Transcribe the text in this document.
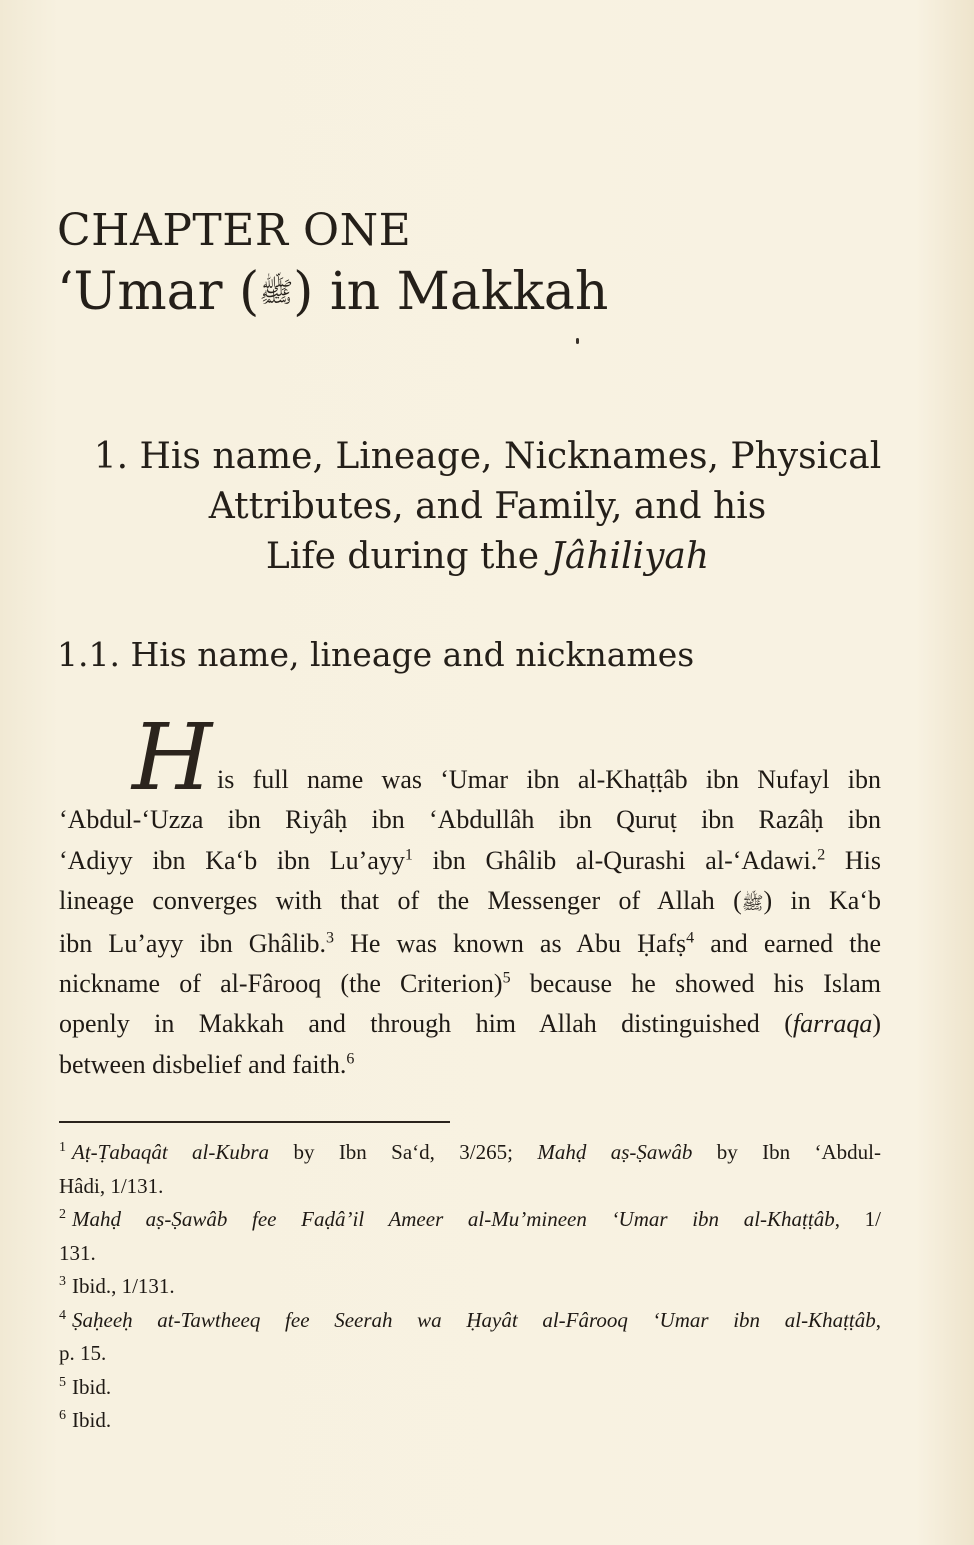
CHAPTER ONE
‘Umar (ﷺ) in Makkah
1. His name, Lineage, Nicknames, Physical
Attributes, and Family, and his
Life during the Jâhiliyah
1.1. His name, lineage and nicknames
H is full name was ‘Umar ibn al-Khaṭṭâb ibn Nufayl ibn
‘Abdul-‘Uzza ibn Riyâḥ ibn ‘Abdullâh ibn Quruṭ ibn Razâḥ ibn
‘Adiyy ibn Ka‘b ibn Lu’ayy$^1$ ibn Ghâlib al-Qurashi al-‘Adawi.$^2$ His
lineage converges with that of the Messenger of Allah (ﷺ) in Ka‘b
ibn Lu’ayy ibn Ghâlib.$^3$ He was known as Abu Ḥafṣ$^4$ and earned the
nickname of al-Fârooq (the Criterion)$^5$ because he showed his Islam
openly in Makkah and through him Allah distinguished (farraqa)
between disbelief and faith.$^6$
$^1$ Aṭ-Ṭabaqât al-Kubra by Ibn Sa‘d, 3/265; Mahḍ aṣ-Ṣawâb by Ibn ‘Abdul-
Hâdi, 1/131.
$^2$ Mahḍ aṣ-Ṣawâb fee Faḍâ’il Ameer al-Mu’mineen ‘Umar ibn al-Khaṭṭâb, 1/
131.
$^3$ Ibid., 1/131.
$^4$ Ṣaḥeeḥ at-Tawtheeq fee Seerah wa Ḥayât al-Fârooq ‘Umar ibn al-Khaṭṭâb,
p. 15.
$^5$ Ibid.
$^6$ Ibid.
